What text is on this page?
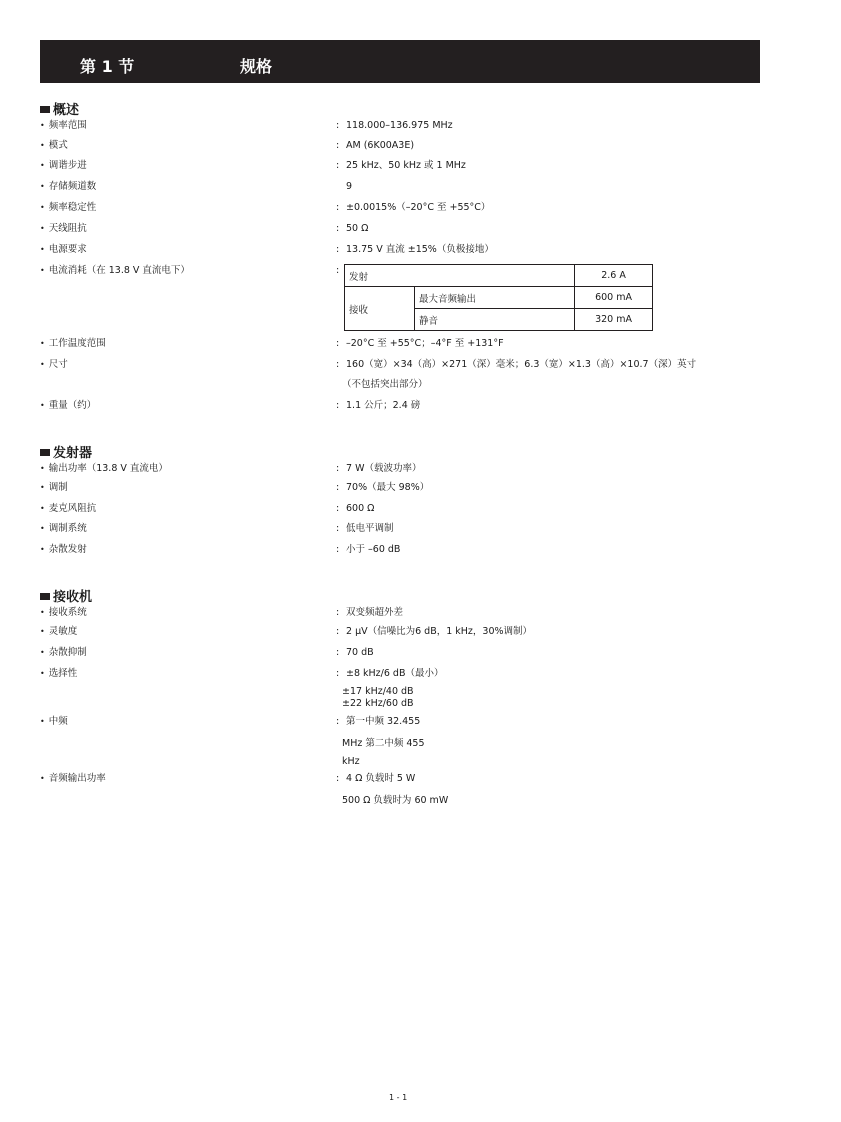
第 1 节	规格
概述
• 频率范围	: 118.000–136.975 MHz
• 模式	: AM (6K00A3E)
• 调谐步进	: 25 kHz、50 kHz 或 1 MHz
• 存储频道数	9
• 频率稳定性	: ±0.0015%（–20°C 至 +55°C）
• 天线阻抗	: 50 Ω
• 电源要求	: 13.75 V 直流 ±15%（负极接地）
• 电流消耗（在 13.8 V 直流电下）	:
发射		2.6 A
接收	最大音频输出	600 mA
	静音	320 mA
• 工作温度范围	: –20°C 至 +55°C；–4°F 至 +131°F
• 尺寸	: 160（宽）×34（高）×271（深）毫米；6.3（宽）×1.3（高）×10.7（深）英寸
（不包括突出部分）
• 重量（约）	: 1.1 公斤；2.4 磅
发射器
• 输出功率（13.8 V 直流电）	: 7 W（载波功率）
• 调制	: 70%（最大 98%）
• 麦克风阻抗	: 600 Ω
• 调制系统	: 低电平调制
• 杂散发射	: 小于 –60 dB
接收机
• 接收系统	: 双变频超外差
• 灵敏度	: 2 μV（信噪比为6 dB，1 kHz，30%调制）
• 杂散抑制	: 70 dB
• 选择性	: ±8 kHz/6 dB（最小）
±17 kHz/40 dB
±22 kHz/60 dB
• 中频	: 第一中频 32.455
MHz 第二中频 455
kHz
• 音频输出功率	: 4 Ω 负载时 5 W
500 Ω 负载时为 60 mW
1 - 1
